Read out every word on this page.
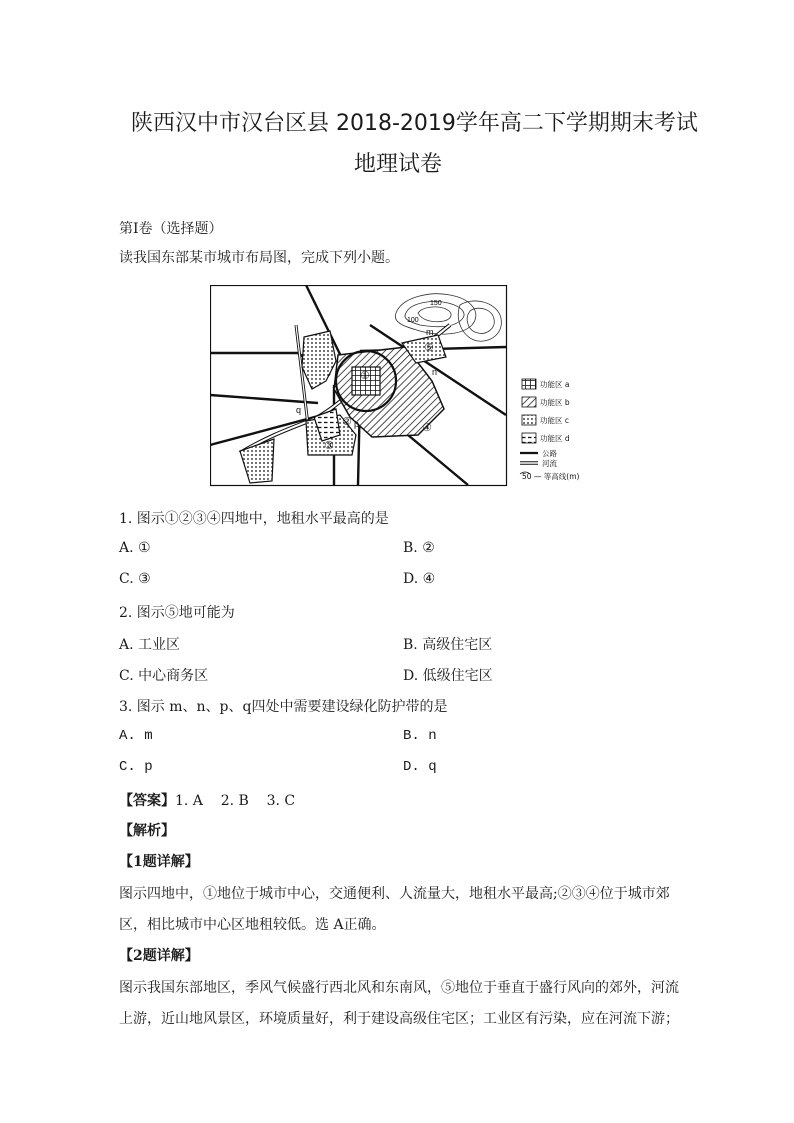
陕西汉中市汉台区县 2018-2019学年高二下学期期末考试
地理试卷
第Ⅰ卷（选择题）
读我国东部某市城市布局图，完成下列小题。
100
150
①
②
③
④
⑤
m
n
p
q
功能区 a
功能区 b
功能区 c
功能区 d
公路
河流
50 — 等高线(m)
1. 图示①②③④四地中，地租水平最高的是
A. ①	B. ②
C. ③	D. ④
2. 图示⑤地可能为
A. 工业区	B. 高级住宅区
C. 中心商务区	D. 低级住宅区
3. 图示 m、n、p、q四处中需要建设绿化防护带的是
A. m	B. n
C. p	D. q
【答案】1. A    2. B    3. C
【解析】
【1题详解】
图示四地中，①地位于城市中心，交通便利、人流量大，地租水平最高;②③④位于城市郊
区，相比城市中心区地租较低。选 A正确。
【2题详解】
图示我国东部地区，季风气候盛行西北风和东南风，⑤地位于垂直于盛行风向的郊外，河流
上游，近山地风景区，环境质量好，利于建设高级住宅区；工业区有污染，应在河流下游；
